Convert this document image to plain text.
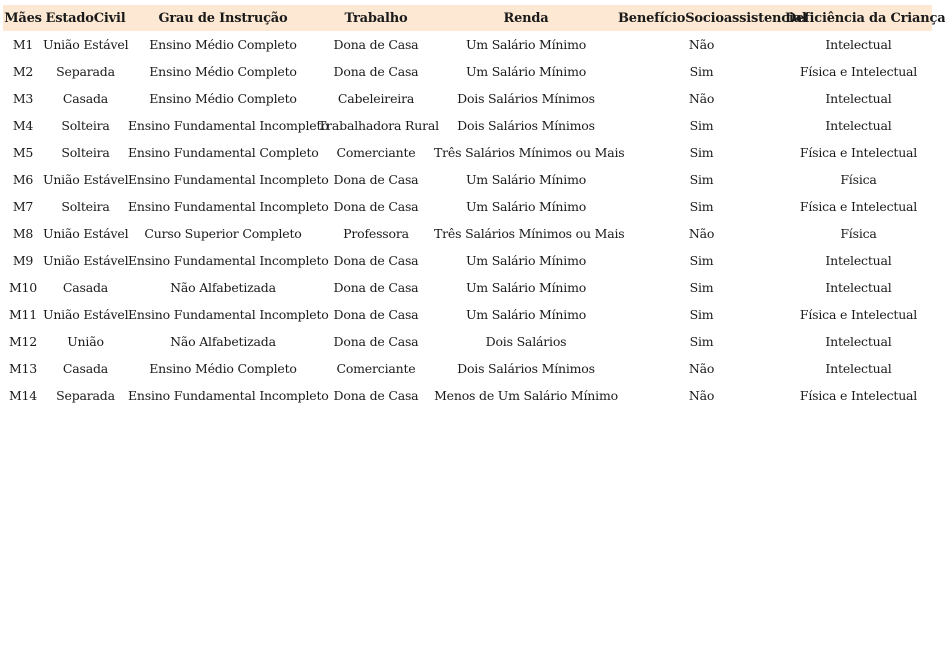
Mães	EstadoCivil	Grau de Instrução	Trabalho	Renda	BenefícioSocioassistencial	Deficiência da Criança
M1	União Estável	Ensino Médio Completo	Dona de Casa	Um Salário Mínimo	Não	Intelectual
M2	Separada	Ensino Médio Completo	Dona de Casa	Um Salário Mínimo	Sim	Física e Intelectual
M3	Casada	Ensino Médio Completo	Cabeleireira	Dois Salários Mínimos	Não	Intelectual
M4	Solteira	Ensino Fundamental Incompleto	Trabalhadora Rural	Dois Salários Mínimos	Sim	Intelectual
M5	Solteira	Ensino Fundamental Completo	Comerciante	Três Salários Mínimos ou Mais	Sim	Física e Intelectual
M6	União Estável	Ensino Fundamental Incompleto	Dona de Casa	Um Salário Mínimo	Sim	Física
M7	Solteira	Ensino Fundamental Incompleto	Dona de Casa	Um Salário Mínimo	Sim	Física e Intelectual
M8	União Estável	Curso Superior Completo	Professora	Três Salários Mínimos ou Mais	Não	Física
M9	União Estável	Ensino Fundamental Incompleto	Dona de Casa	Um Salário Mínimo	Sim	Intelectual
M10	Casada	Não Alfabetizada	Dona de Casa	Um Salário Mínimo	Sim	Intelectual
M11	União Estável	Ensino Fundamental Incompleto	Dona de Casa	Um Salário Mínimo	Sim	Física e Intelectual
M12	União	Não Alfabetizada	Dona de Casa	Dois Salários	Sim	Intelectual
M13	Casada	Ensino Médio Completo	Comerciante	Dois Salários Mínimos	Não	Intelectual
M14	Separada	Ensino Fundamental Incompleto	Dona de Casa	Menos de Um Salário Mínimo	Não	Física e Intelectual
